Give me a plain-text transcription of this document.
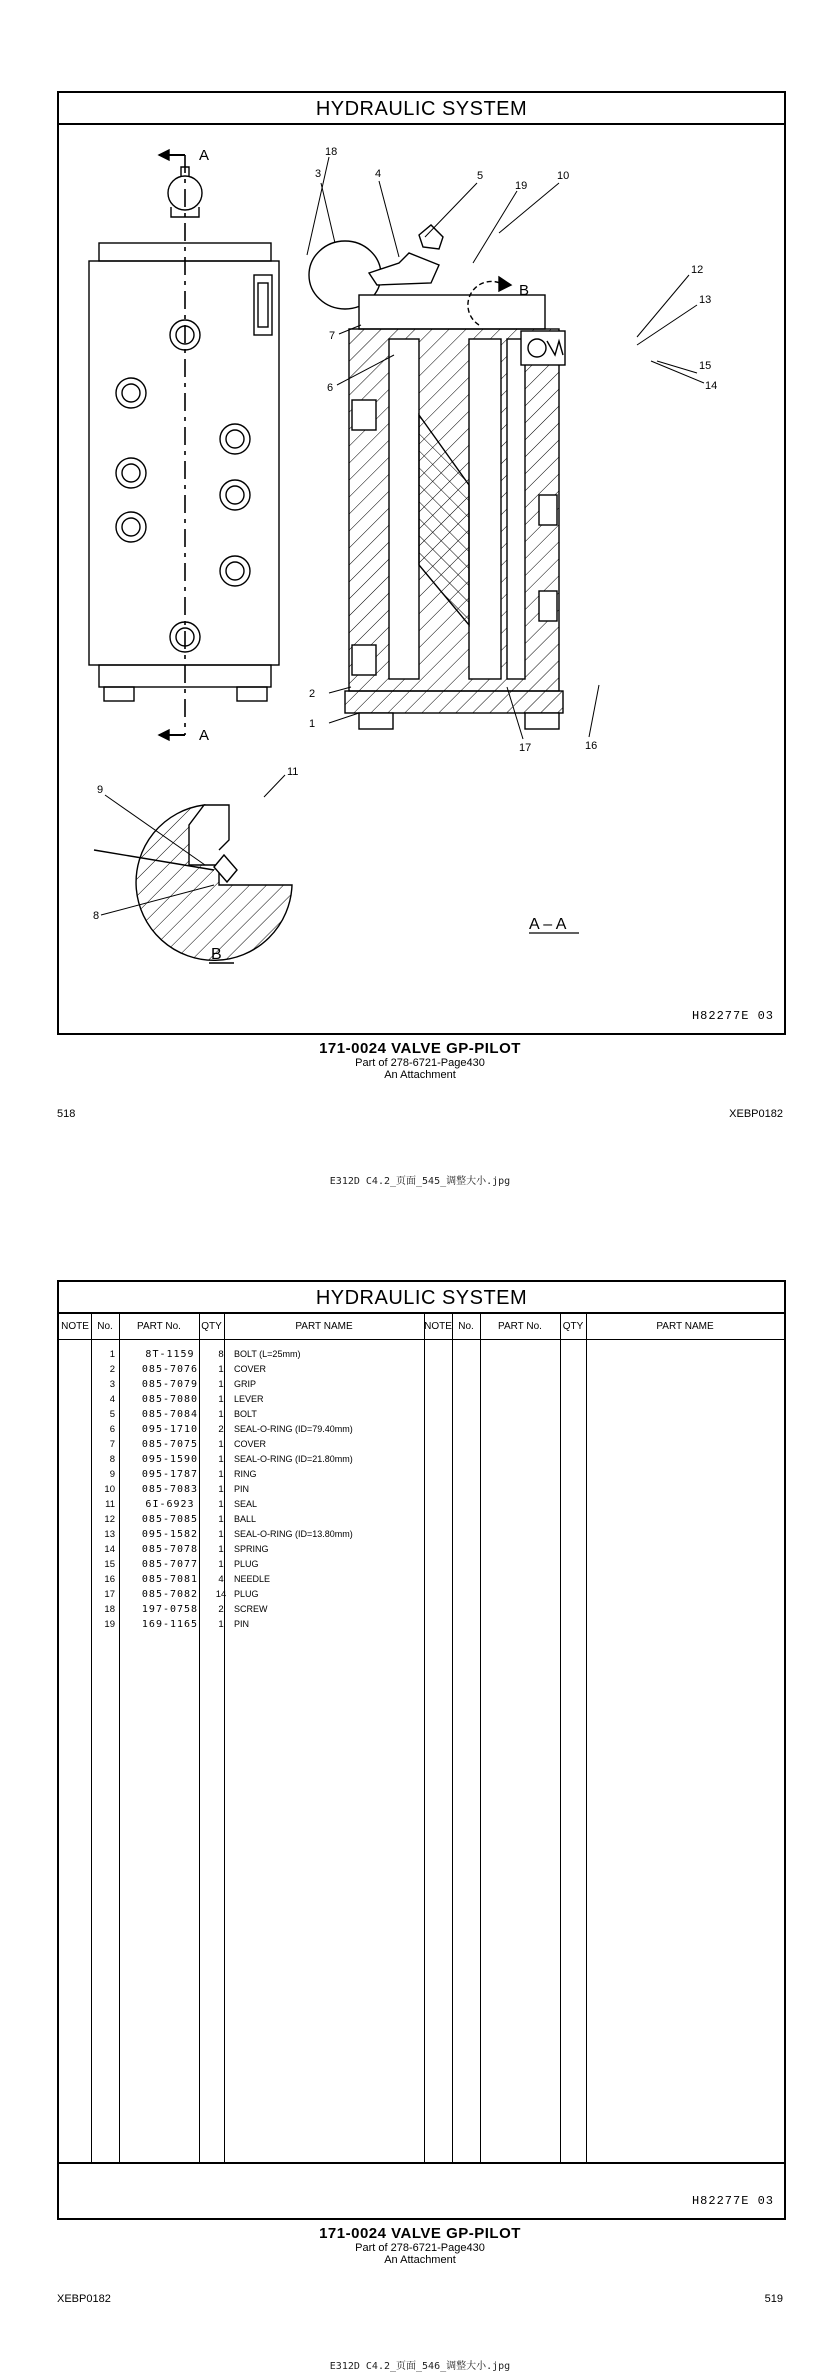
HYDRAULIC SYSTEM
A
A
B
A – A
B
1
2
3	4	5
6
7
8
9
10
11
12
13
14
15
16
17
18
19
H82277E 03
171-0024 VALVE GP-PILOT
Part of 278-6721-Page430
An Attachment
518	XEBP0182
E312D C4.2_页面_545_调整大小.jpg
HYDRAULIC SYSTEM
NOTE No.	PART No.	QTY	PART NAME	NOTE No.	PART No.	QTY	PART NAME
1	8T-1159	8	BOLT (L=25mm)
2	085-7076	1	COVER
3	085-7079	1	GRIP
4	085-7080	1	LEVER
5	085-7084	1	BOLT
6	095-1710	2	SEAL-O-RING (ID=79.40mm)
7	085-7075	1	COVER
8	095-1590	1	SEAL-O-RING (ID=21.80mm)
9	095-1787	1	RING
10	085-7083	1	PIN
11	6I-6923	1	SEAL
12	085-7085	1	BALL
13	095-1582	1	SEAL-O-RING (ID=13.80mm)
14	085-7078	1	SPRING
15	085-7077	1	PLUG
16	085-7081	4	NEEDLE
17	085-7082	14 PLUG
18	197-0758	2	SCREW
19	169-1165	1	PIN
H82277E 03
171-0024 VALVE GP-PILOT
Part of 278-6721-Page430
An Attachment
XEBP0182	519
E312D C4.2_页面_546_调整大小.jpg
